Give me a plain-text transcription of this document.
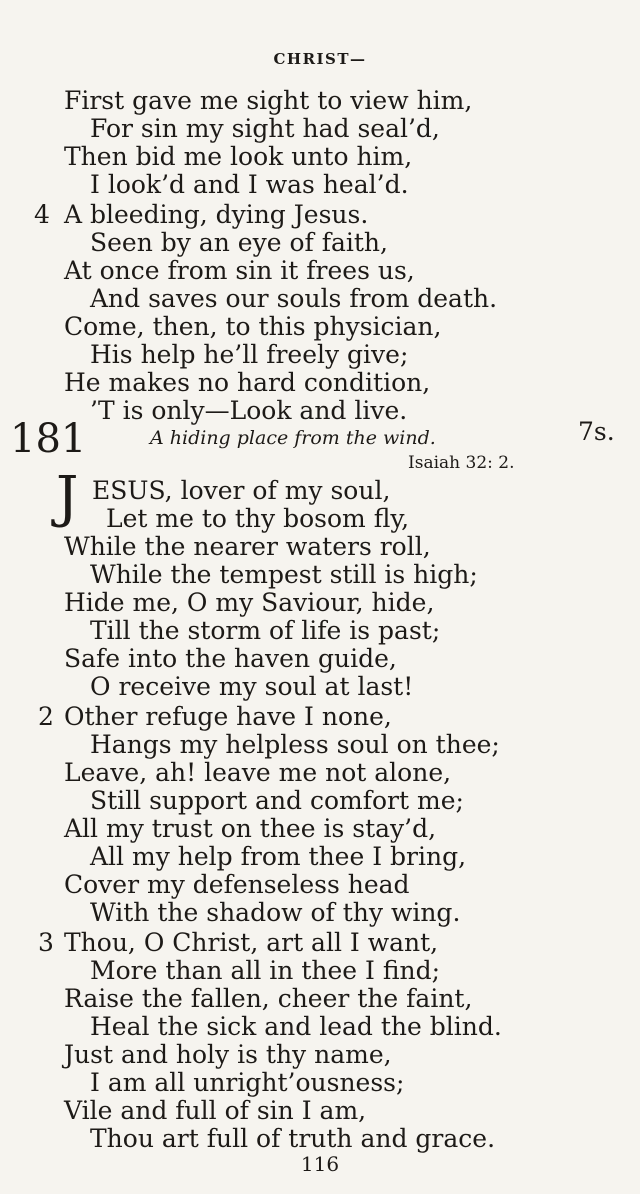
CHRIST—
First gave me sight to view him,
For sin my sight had seal’d,
Then bid me look unto him,
I look’d and I was heal’d.
4 A bleeding, dying Jesus.
Seen by an eye of faith,
At once from sin it frees us,
And saves our souls from death.
Come, then, to this physician,
His help he’ll freely give;
He makes no hard condition,
’T is only—Look and live.
181	A hiding place from the wind.	7s.
Isaiah 32: 2.
J ESUS, lover of my soul,
Let me to thy bosom fly,
While the nearer waters roll,
While the tempest still is high;
Hide me, O my Saviour, hide,
Till the storm of life is past;
Safe into the haven guide,
O receive my soul at last!
2 Other refuge have I none,
Hangs my helpless soul on thee;
Leave, ah! leave me not alone,
Still support and comfort me;
All my trust on thee is stay’d,
All my help from thee I bring,
Cover my defenseless head
With the shadow of thy wing.
3 Thou, O Christ, art all I want,
More than all in thee I find;
Raise the fallen, cheer the faint,
Heal the sick and lead the blind.
Just and holy is thy name,
I am all unright’ousness;
Vile and full of sin I am,
Thou art full of truth and grace.
116
